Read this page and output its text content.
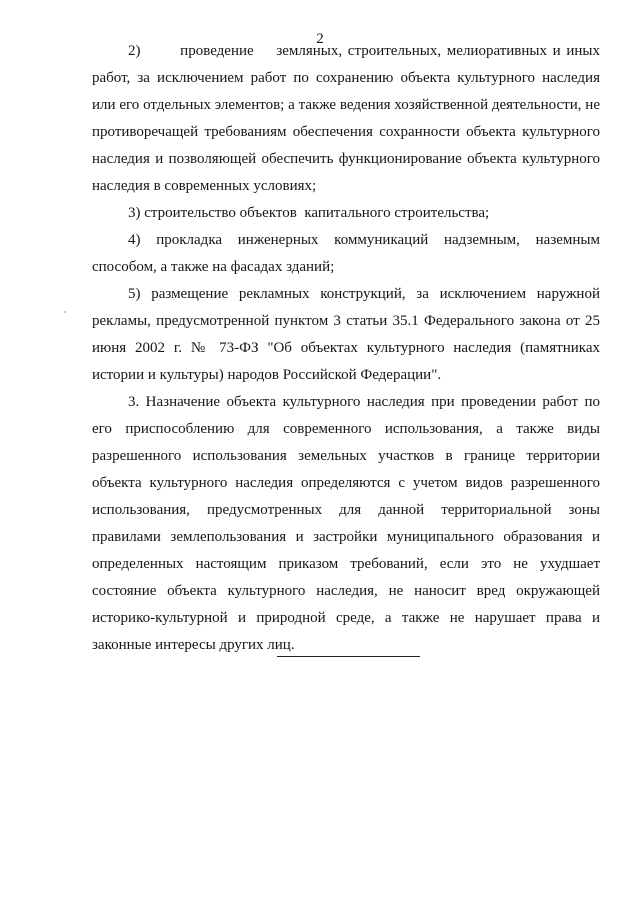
2

2)       проведение    земляных, строительных, мелиоративных и иных работ, за исключением работ по сохранению объекта культурного наследия или его отдельных элементов; а также ведения хозяйственной деятельности, не противоречащей требованиям обеспечения сохранности объекта культурного наследия и позволяющей обеспечить функционирование объекта культурного наследия в современных условиях;

3) строительство объектов  капитального строительства;

4) прокладка инженерных коммуникаций надземным, наземным способом, а также на фасадах зданий;

5) размещение рекламных конструкций, за исключением наружной рекламы, предусмотренной пунктом 3 статьи 35.1 Федерального закона от 25 июня 2002 г. № 73-ФЗ "Об объектах культурного наследия (памятниках истории и культуры) народов Российской Федерации".

3. Назначение объекта культурного наследия при проведении работ по его приспособлению для современного использования, а также виды разрешенного использования земельных участков в границе территории объекта культурного наследия определяются с учетом видов разрешенного использования, предусмотренных для данной территориальной зоны правилами землепользования и застройки муниципального образования и определенных настоящим приказом требований, если это не ухудшает состояние объекта культурного наследия, не наносит вред окружающей историко-культурной и природной среде, а также не нарушает права и законные интересы других лиц.
